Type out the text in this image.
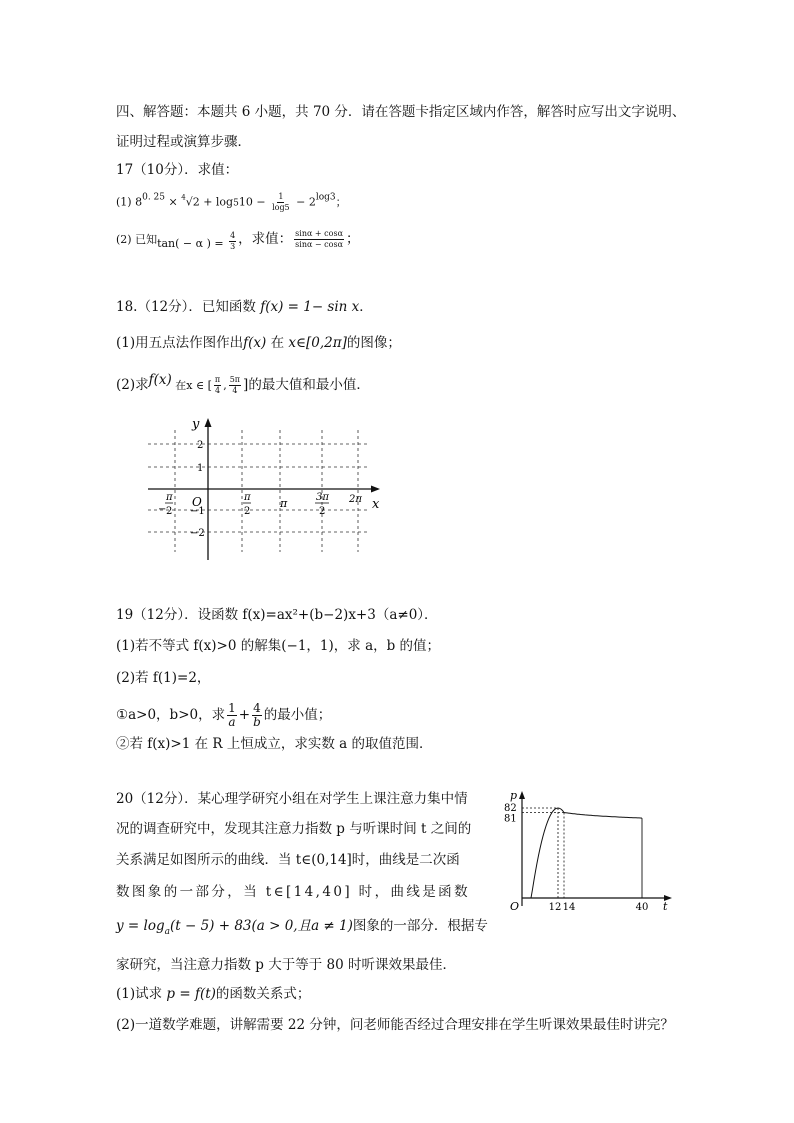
四、解答题：本题共 6 小题，共 70 分．请在答题卡指定区域内作答，解答时应写出文字说明、
证明过程或演算步骤．
17（10分）．求值：
(1) $8^{0. 25} \times ^4√2 + \log 510 - \frac{1}{\log 5} - 2^{log3}$；
(2) 已知$_{tan( - \alpha ) =} \frac{4}{3}$ ，求值： $\frac{\sin\alpha + \cos\alpha}{\sin\alpha - \cos\alpha}$ ；
18.（12分）．已知函数 f(x) = 1− sin x．
(1)用五点法作图作出f(x) 在 x∈[0,2π]的图像；
(2)求f(x) 在x ∈ [ $\frac{\pi}{4}$ , $\frac{5\pi}{4}$ ]的最大值和最小值．
y
x
O
2
1
−1
−2
−
π
2
π
2
π	3π
2
2π
19（12分）．设函数 f(x)=ax²+(b−2)x+3（a≠0）．
(1)若不等式 f(x)>0 的解集(−1，1)，求 a，b 的值；
(2)若 f(1)=2，
①a>0，b>0，求 $\frac{1}{a} + \frac{4}{b}$ 的最小值；
②若 f(x)>1 在 R 上恒成立，求实数 a 的取值范围．
20（12分）．某心理学研究小组在对学生上课注意力集中情
况的调查研究中，发现其注意力指数 p 与听课时间 t 之间的
关系满足如图所示的曲线．当 t∈(0,14]时，曲线是二次函
数图象的一部分，当 t∈[14,40] 时，曲线是函数
$y = \log_a(t - 5) + 83(a > 0$,且a ≠ 1)图象的一部分．根据专
家研究，当注意力指数 p 大于等于 80 时听课效果最佳．
(1)试求 p = f(t)的函数关系式；
(2)一道数学难题，讲解需要 22 分钟，问老师能否经过合理安排在学生听课效果最佳时讲完？
p
t
O
82
81
12 14	40
